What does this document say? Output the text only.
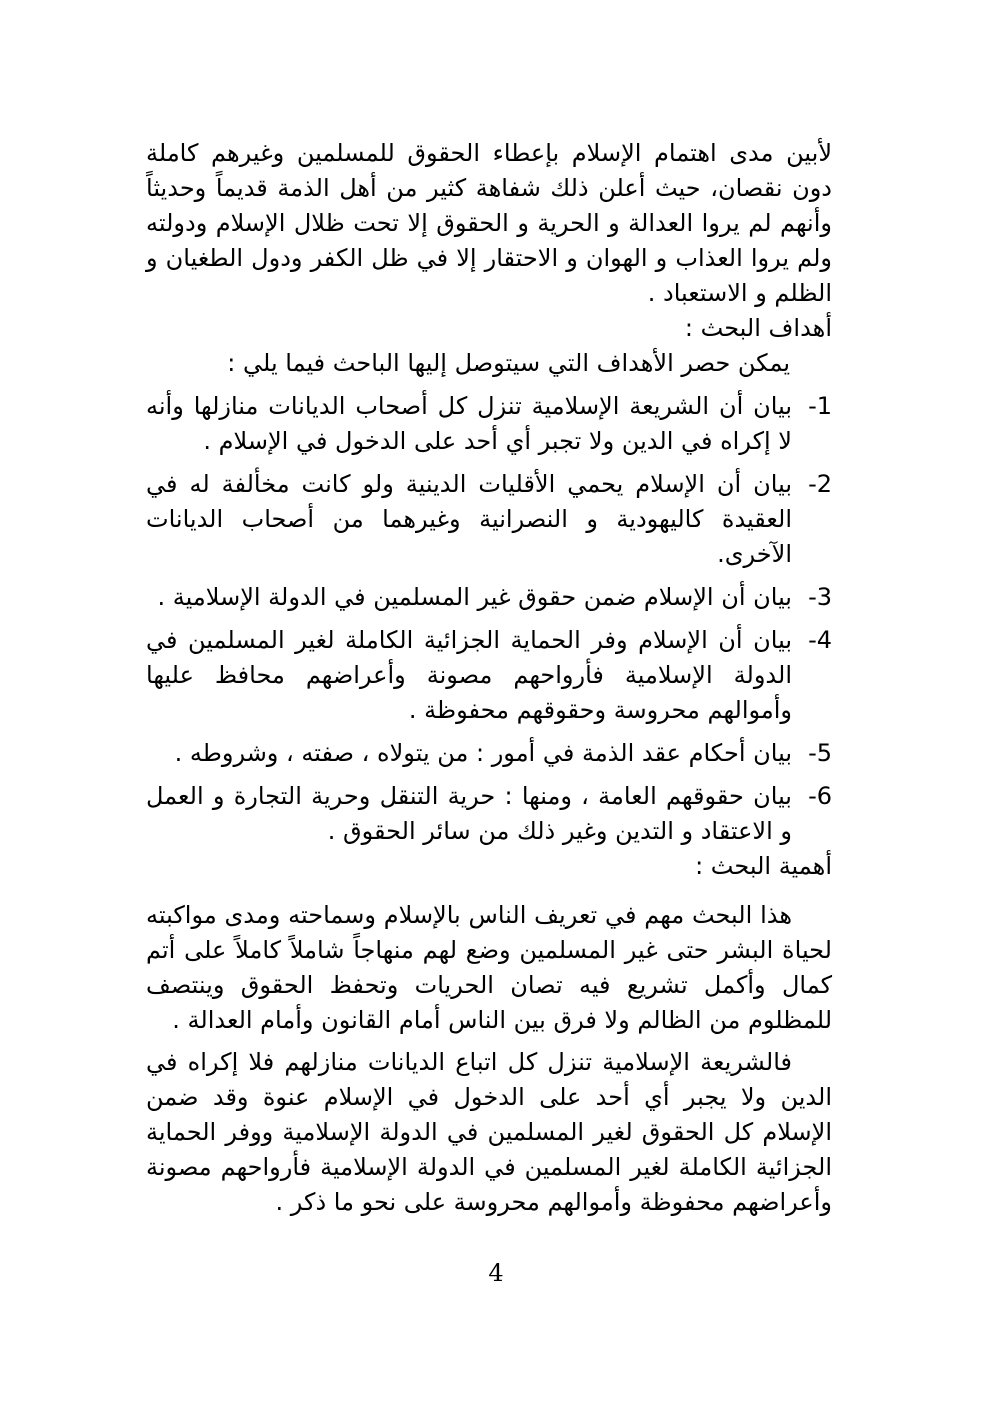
لأبين مدى اهتمام الإسلام بإعطاء الحقوق للمسلمين وغيرهم كاملة دون نقصان، حيث أعلن ذلك شفاهة كثير من أهل الذمة قديماً وحديثاً وأنهم لم يروا العدالة و الحرية و الحقوق إلا تحت ظلال الإسلام ودولته ولم يروا العذاب و الهوان و الاحتقار إلا في ظل الكفر ودول الطغيان و الظلم و الاستعباد .

أهداف البحث :

يمكن حصر الأهداف التي سيتوصل إليها الباحث فيما يلي :

-1
بيان أن الشريعة الإسلامية تنزل كل أصحاب الديانات منازلها وأنه لا إكراه في الدين ولا تجبر أي أحد على الدخول في الإسلام .
-2
بيان أن الإسلام يحمي الأقليات الدينية ولو كانت مخألفة له في العقيدة كاليهودية و النصرانية وغيرهما من أصحاب الديانات الآخرى.
-3
بيان أن الإسلام ضمن حقوق غير المسلمين في الدولة الإسلامية .
-4
بيان أن الإسلام وفر الحماية الجزائية الكاملة لغير المسلمين في الدولة الإسلامية فأرواحهم مصونة وأعراضهم محافظ عليها وأموالهم محروسة وحقوقهم محفوظة .
-5
بيان أحكام عقد الذمة في أمور : من يتولاه ، صفته ، وشروطه .
-6
بيان حقوقهم العامة ، ومنها : حرية التنقل وحرية التجارة و العمل و الاعتقاد و التدين وغير ذلك من سائر الحقوق .

أهمية البحث :

هذا البحث مهم في تعريف الناس بالإسلام وسماحته ومدى مواكبته لحياة البشر حتى غير المسلمين وضع لهم منهاجاً شاملاً كاملاً على أتم كمال وأكمل تشريع فيه تصان الحريات وتحفظ الحقوق وينتصف للمظلوم من الظالم ولا فرق بين الناس أمام القانون وأمام العدالة .

فالشريعة الإسلامية تنزل كل اتباع الديانات منازلهم فلا إكراه في الدين ولا يجبر أي أحد على الدخول في الإسلام عنوة وقد ضمن الإسلام كل الحقوق لغير المسلمين في الدولة الإسلامية ووفر الحماية الجزائية الكاملة لغير المسلمين في الدولة الإسلامية فأرواحهم مصونة وأعراضهم محفوظة وأموالهم محروسة على نحو ما ذكر .

4
